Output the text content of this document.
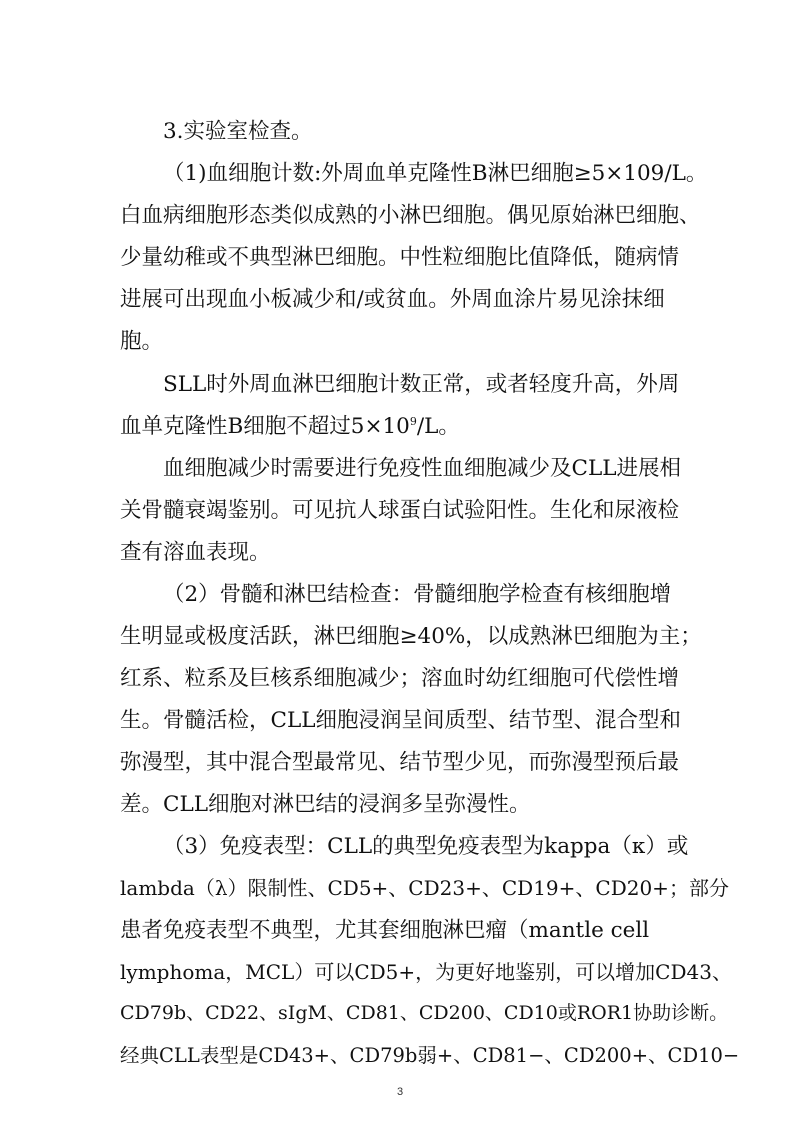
3.实验室检查。
（1)血细胞计数:外周血单克隆性B淋巴细胞≥5×109/L。
白血病细胞形态类似成熟的小淋巴细胞。偶见原始淋巴细胞、
少量幼稚或不典型淋巴细胞。中性粒细胞比值降低，随病情
进展可出现血小板减少和/或贫血。外周血涂片易见涂抹细
胞。
SLL时外周血淋巴细胞计数正常，或者轻度升高，外周
血单克隆性B细胞不超过$5\times 10^9/L$。
血细胞减少时需要进行免疫性血细胞减少及CLL进展相
关骨髓衰竭鉴别。可见抗人球蛋白试验阳性。生化和尿液检
查有溶血表现。
（2）骨髓和淋巴结检查：骨髓细胞学检查有核细胞增
生明显或极度活跃，淋巴细胞≥40%，以成熟淋巴细胞为主；
红系、粒系及巨核系细胞减少；溶血时幼红细胞可代偿性增
生。骨髓活检，CLL细胞浸润呈间质型、结节型、混合型和
弥漫型，其中混合型最常见、结节型少见，而弥漫型预后最
差。CLL细胞对淋巴结的浸润多呈弥漫性。
（3）免疫表型：CLL的典型免疫表型为kappa（κ）或
lambda（λ）限制性、CD5+、CD23+、CD19+、CD20+；部分
患者免疫表型不典型，尤其套细胞淋巴瘤（mantle cell
lymphoma，MCL）可以CD5+，为更好地鉴别，可以增加CD43、
CD79b、CD22、sIgM、CD81、CD200、CD10或ROR1协助诊断。
经典CLL表型是CD43+、CD79b弱+、CD81−、CD200+、CD10−
3
